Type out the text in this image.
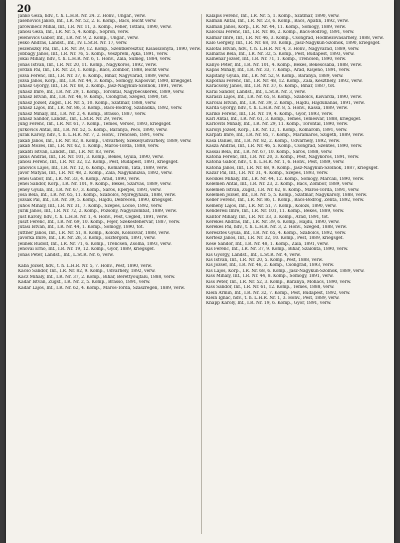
20
Jankó Géza, hdv., t. h. L.H.R. Nr. 24. 2. Honv., Ungar., verw.
Jasenovics Jakob, Inf., I.R. Nr. 52, 2. E. Komp., Bâcs, leicht verw.
Jarowinecz Mihál, Inf., I.R. Nr. 11, 3. Komp., Fehér, Tótfalu, 1890, verw.
Jánosi Géza, Inf., I.R. Nr. 5, 4. Komp., Sopron, verw.
Jelenovics Gabor, Inf., I.R. Nr. 9, 2. Komp., Ungar., verw.
Jeskó András, Landst., Inf., IV. L.St.R. Nr. 17, verw.
Jeszenszky Pál, Inf., I.R. Nr. 39, 12. Komp., Szentkeresztúr, Kisasszonyfa, 1890, verw.
Jobbágy János, Inf., I.R. Nr. 76, 5. Komp., Veszprém, Ajka, 1891, verw.
Jókai Mihály, hdv., t. h. L.H.R. Nr. 6, 1. Honv., Zala, Sümeg, 1884, verw.
Jónás István, Inf., I.R. Nr. 20, 11. Komp., Nagykőrös, 1892, verw.
Jordán Pál, Inf., I.R. Nr. 23, 1. Komp., Bács, Zombor, 1888, leicht verw.
Józsa Ferenc, Inf., I.R. Nr. 37, 6. Komp., Bihar, Nagyvárad, 1889, verw.
Józsa János, Korp., Inf., I.R. Nr. 44, 3. Komp., Somogy, Kaposvár, 1890, kriegsgef.
Juhász György, Inf., I.R. Nr. 68, 2. Komp., Jász-Nagykun-Szolnok, 1891, verw.
Juhász Imre, Inf., I.R. Nr. 29, 1. Komp., Torontál, Nagybecskerek, 1889, verw.
Juhász István, Inf., I.R. Nr. 46, 9. Komp., Csongrád, Szeged, 1890, tot.
Juhász József, Zugsf., I.R. Nr. 5, 10. Komp., Szatmár, 1888, verw.
Juhász Lajos, Inf., I.R. Nr. 86, 3. Komp., Bács-Bodrog, Szabadka, 1892, verw.
Juhász Mihály, Inf., I.R. Nr. 2, 4. Komp., Brassó, 1887, verw.
Juhász Sándor, Landst., Inf., L.St.R. Nr. 29, verw.
Jung Ferenc, Inf., I.R. Nr. 61, 7. Komp., Temes, Versec, 1893, kriegsgef.
Jurkovics Antal, Inf., I.R. Nr. 52, 5. Komp., Baranya, Pécs, 1890, verw.
Jurák Károly, hdv., t. h. L.H.R. Nr. 7, 2. Honv., Trencsén, 1891, verw.
Jakab János, Inf., I.R. Nr. 82, 8. Komp., Udvarhely, Székelyudvarhely, 1889, verw.
Jakab Mózes, Inf., I.R. Nr. 62, 1. Komp., Maros-Torda, 1888, verw.
Jakabfi István, Landst., Inf., I.R. Nr. 83, verw.
Jakus András, Inf., I.R. Nr. 101, 3. Komp., Békés, Gyula, 1890, verw.
Jánosi Ferenc, Inf., I.R. Nr. 32, 12. Komp., Pest, Budapest, 1891, kriegsgef.
Janovics Lajos, Inf., I.R. Nr. 12, 6. Komp., Komárom, Tata, 1889, verw.
Jávor Mátyás, Inf., I.R. Nr. 48, 2. Komp., Zala, Nagykanizsa, 1892, verw.
Jenei Gábor, Inf., I.R. Nr. 33, 4. Komp., Arad, 1890, verw.
Jenei Sándor, Korp., I.R. Nr. 101, 9. Komp., Békés, Szarvas, 1889, verw.
Jeney Gyula, Inf., I.R. Nr. 67, 3. Komp., Sáros, Eperjes, 1891, verw.
Jósa Béla, Inf., I.R. Nr. 65, 11. Komp., Szabolcs, Nyíregyháza, 1888, verw.
Jozsák Pál, Inf., I.R. Nr. 39, 5. Komp., Hajdú, Debrecen, 1890, kriegsgef.
Juhos Mihály, Inf., I.R. Nr. 31, 7. Komp., Szepes, Lőcse, 1892, verw.
Jurik János, Inf., I.R. Nr. 72, 2. Komp., Pozsony, Nagyszombat, 1889, verw.
Just Károly, hdv., t. h. L.H.R. Nr. 1, 4. Honv., Pest, Cegléd, 1891, verw.
Juszt Ferenc, Inf., I.R. Nr. 69, 10. Komp., Fejér, Székesfehérvár, 1887, verw.
Jutasi István, Inf., I.R. Nr. 44, 1. Komp., Somogy, 1890, tot.
Jüttner János, Inf., I.R. Nr. 51, 8. Komp., Kolozs, Kolozsvár, 1888, verw.
Jávorka Imre, Inf., I.R. Nr. 26, 3. Komp., Esztergom, 1891, verw.
Jelinek Rudolf, Inf., I.R. Nr. 71, 6. Komp., Trencsén, Zsolna, 1893, verw.
Jenovai Ernő, Inf., I.R. Nr. 19, 12. Komp., Győr, 1889, kriegsgef.
Jónás Péter, Landst., Inf., L.St.R. Nr. 6, verw.
Kába József, hdv., t. h. L.H.R. Nr. 5, 7. Honv., Pest, 1890, verw.
Kacsó Sándor, Inf., I.R. Nr. 82, 9. Komp., Udvarhely, 1892, verw.
Kacz Mihály, Inf., I.R. Nr. 37, 2. Komp., Bihar, Berettyóújfalu, 1888, verw.
Kádár István, Zugsf., I.R. Nr. 2, 5. Komp., Brassó, 1891, verw.
Kádár Lajos, Inf., I.R. Nr. 62, 4. Komp., Maros-Torda, Szászrégen, 1889, verw.
Kalapis Ferenc, Inf., I.R. Nr. 5, 1. Komp., Szatmár, 1890, verw.
Kálmán Antal, Inf., I.R. Nr. 23, 6. Komp., Bács, Apatin, 1892, verw.
Kálmán János, Korp., I.R. Nr. 44, 11. Komp., Somogy, 1889, verw.
Kalocsai Ferenc, Inf., I.R. Nr. 86, 2. Komp., Bács-Bodrog, 1891, verw.
Kalmár Imre, Inf., I.R. Nr. 46, 3. Komp., Csongrád, Hódmezővásárhely, 1888, verw.
Kaló Gergely, Inf., I.R. Nr. 68, 10. Komp., Jász-Nagykun-Szolnok, 1890, kriegsgef.
Kalotai István, hdv., t. h. L.H.R. Nr. 4, 3. Honv., Nagyvárad, 1889, verw.
Kamarás Béla, Inf., I.R. Nr. 32, 5. Komp., Pest, Budapest, 1893, verw.
Kamenár József, Inf., I.R. Nr. 71, 1. Komp., Trencsén, 1890, verw.
Kanyó Péter, Inf., I.R. Nr. 101, 4. Komp., Békés, Békéscsaba, 1888, verw.
Kapás Mihály, Inf., I.R. Nr. 33, 7. Komp., Arad, Kisjenő, 1891, verw.
Kapitány Gyula, Inf., I.R. Nr. 52, 9. Komp., Baranya, 1889, verw.
Kápolnai Ferenc, Inf., I.R. Nr. 48, 12. Komp., Zala, Keszthely, 1892, verw.
Karácsony János, Inf., I.R. Nr. 37, 6. Komp., Bihar, 1887, tot.
Karai Sándor, Landst., Inf., L.St.R. Nr. 3, verw.
Karászi Lajos, Inf., I.R. Nr. 65, 8. Komp., Szabolcs, Kisvárda, 1890, verw.
Karcsai István, Inf., I.R. Nr. 39, 2. Komp., Hajdú, Hajdúnánás, 1891, verw.
Karda György, hdv., t. h. L.H.R. Nr. 8, 5. Honv., Kassa, 1889, verw.
Karikó Ferenc, Inf., I.R. Nr. 19, 4. Komp., Győr, 1893, verw.
Karl Antal, Inf., I.R. Nr. 61, 3. Komp., Temes, Temesvár, 1888, kriegsgef.
Karlovits Mihály, Inf., I.R. Nr. 29, 11. Komp., Torontál, 1890, verw.
Károlyi József, Korp., I.R. Nr. 12, 1. Komp., Komárom, 1891, verw.
Kárpáti Imre, Inf., I.R. Nr. 85, 7. Komp., Máramaros, Szigeth, 1889, verw.
Kása Dániel, Inf., I.R. Nr. 82, 2. Komp., Udvarhely, 1892, verw.
Kasza András, Inf., I.R. Nr. 46, 5. Komp., Csongrád, Szentes, 1890, verw.
Kassai Béla, Inf., I.R. Nr. 67, 10. Komp., Sáros, 1888, verw.
Katona Ferenc, Inf., I.R. Nr. 20, 3. Komp., Pest, Nagykőrös, 1891, verw.
Katona Gábor, hdv., t. h. L.H.R. Nr. 1, 6. Honv., Pest, 1889, verw.
Katona János, Inf., I.R. Nr. 68, 9. Komp., Jász-Nagykun-Szolnok, 1887, kriegsgef.
Kazár Pál, Inf., I.R. Nr. 31, 4. Komp., Szepes, 1893, verw.
Kecskés Mihály, Inf., I.R. Nr. 44, 12. Komp., Somogy, Marcali, 1890, verw.
Kelemen Antal, Inf., I.R. Nr. 23, 2. Komp., Bács, Zombor, 1889, verw.
Kelemen István, Zugsf., I.R. Nr. 62, 8. Komp., Maros-Torda, 1891, verw.
Kelemen József, Inf., I.R. Nr. 5, 5. Komp., Szatmár, Nagykároly, 1888, verw.
Keller Ferenc, Inf., I.R. Nr. 86, 1. Komp., Bács-Bodrog, Zenta, 1892, verw.
Kemény Lajos, Inf., I.R. Nr. 51, 7. Komp., Kolozs, 1890, verw.
Kenderesi Imre, Inf., I.R. Nr. 101, 11. Komp., Békés, 1889, verw.
Kántor Mihály, Inf., I.R. Nr. 33, 3. Komp., Arad, 1891, tot.
Kerekes András, Inf., I.R. Nr. 39, 6. Komp., Hajdú, 1890, verw.
Kerekes Pál, hdv., t. h. L.H.R. Nr. 3, 2. Honv., Szeged, 1888, verw.
Keresztes Gyula, Inf., I.R. Nr. 65, 4. Komp., Szabolcs, 1892, verw.
Kertész János, Inf., I.R. Nr. 32, 10. Komp., Pest, 1889, kriegsgef.
Kese Sándor, Inf., I.R. Nr. 48, 1. Komp., Zala, 1891, verw.
Kis Ferenc, Inf., I.R. Nr. 37, 9. Komp., Bihar, Szalonta, 1890, verw.
Kis György, Landst., Inf., L.St.R. Nr. 4, verw.
Kis István, Inf., I.R. Nr. 20, 5. Komp., Pest, 1888, verw.
Kis József, Inf., I.R. Nr. 46, 2. Komp., Csongrád, 1893, verw.
Kis Lajos, Korp., I.R. Nr. 68, 6. Komp., Jász-Nagykun-Szolnok, 1889, verw.
Kiss Mihály, Inf., I.R. Nr. 44, 8. Komp., Somogy, 1891, verw.
Kiss Péter, Inf., I.R. Nr. 52, 3. Komp., Baranya, Mohács, 1890, verw.
Kiss Sándor, Inf., I.R. Nr. 61, 12. Komp., Temes, 1888, verw.
Klein Ármin, Inf., I.R. Nr. 32, 7. Komp., Pest, Budapest, 1892, verw.
Klein Ignác, hdv., t. h. L.H.R. Nr. 1, 3. Honv., Pest, 1889, verw.
Knapp Károly, Inf., I.R. Nr. 19, 6. Komp., Győr, 1891, verw.
